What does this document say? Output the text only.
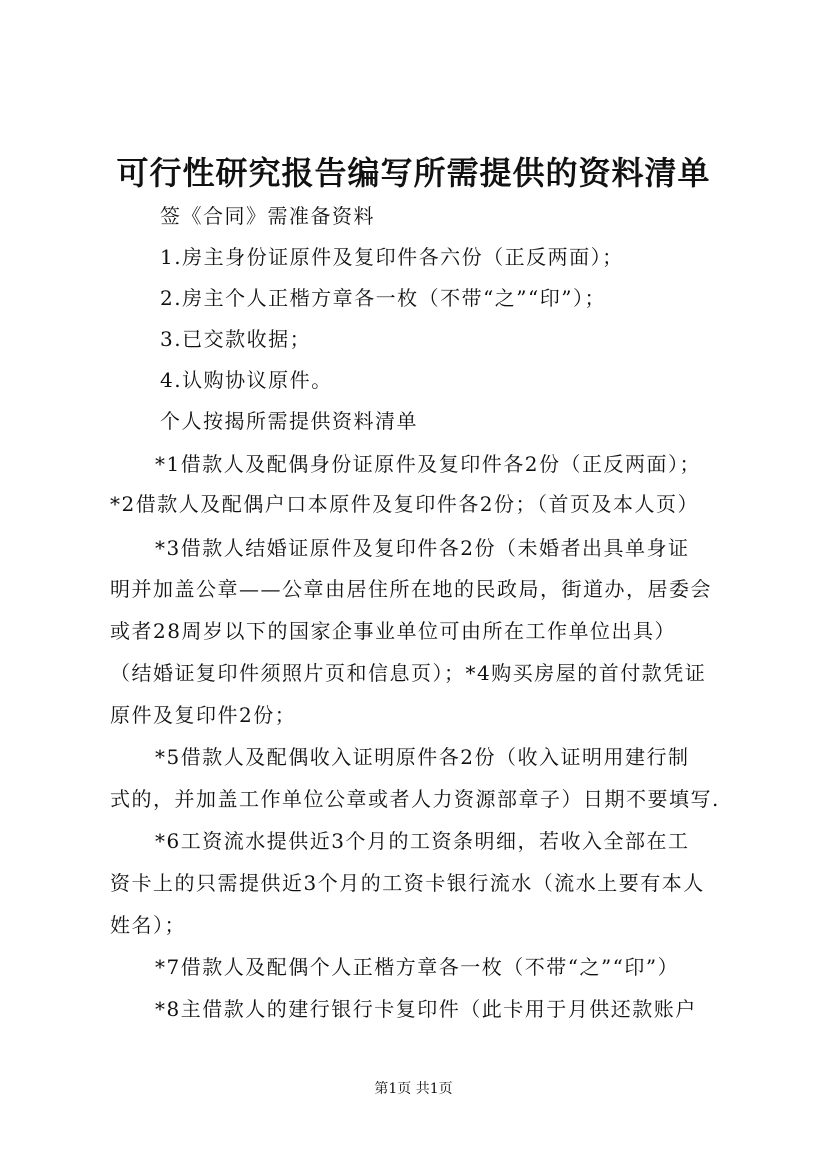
可行性研究报告编写所需提供的资料清单
签《合同》需准备资料
1.房主身份证原件及复印件各六份（正反两面）；
2.房主个人正楷方章各一枚（不带“之”“印”）；
3.已交款收据；
4.认购协议原件。
个人按揭所需提供资料清单
*1借款人及配偶身份证原件及复印件各2份（正反两面）；
*2借款人及配偶户口本原件及复印件各2份；（首页及本人页）
*3借款人结婚证原件及复印件各2份（未婚者出具单身证
明并加盖公章——公章由居住所在地的民政局，街道办，居委会
或者28周岁以下的国家企事业单位可由所在工作单位出具）
（结婚证复印件须照片页和信息页）；*4购买房屋的首付款凭证
原件及复印件2份；
*5借款人及配偶收入证明原件各2份（收入证明用建行制
式的，并加盖工作单位公章或者人力资源部章子）日期不要填写.
*6工资流水提供近3个月的工资条明细，若收入全部在工
资卡上的只需提供近3个月的工资卡银行流水（流水上要有本人
姓名）；
*7借款人及配偶个人正楷方章各一枚（不带“之”“印”）
*8主借款人的建行银行卡复印件（此卡用于月供还款账户
第1页 共1页
